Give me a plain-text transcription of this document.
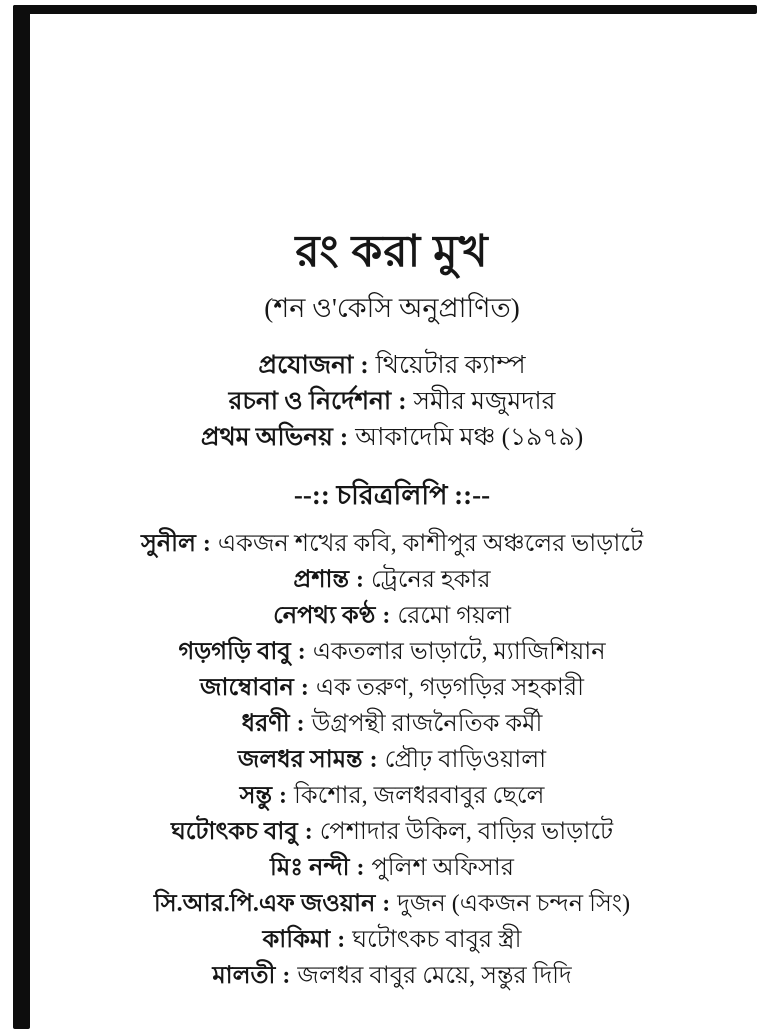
রং করা মুখ
(শন ও'কেসি অনুপ্রাণিত)
প্রযোজনা : থিয়েটার ক্যাম্প
রচনা ও নির্দেশনা : সমীর মজুমদার
প্রথম অভিনয় : আকাদেমি মঞ্চ (১৯৭৯)
--:: চরিত্রলিপি ::--
সুনীল : একজন শখের কবি, কাশীপুর অঞ্চলের ভাড়াটে
প্রশান্ত : ট্রেনের হকার
নেপথ্য কণ্ঠ : রেমো গয়লা
গড়গড়ি বাবু : একতলার ভাড়াটে, ম্যাজিশিয়ান
জাম্বোবান : এক তরুণ, গড়গড়ির সহকারী
ধরণী : উগ্রপন্থী রাজনৈতিক কর্মী
জলধর সামন্ত : প্রৌঢ় বাড়িওয়ালা
সন্তু : কিশোর, জলধরবাবুর ছেলে
ঘটোৎকচ বাবু : পেশাদার উকিল, বাড়ির ভাড়াটে
মিঃ নন্দী : পুলিশ অফিসার
সি.আর.পি.এফ জওয়ান : দুজন (একজন চন্দন সিং)
কাকিমা : ঘটোৎকচ বাবুর স্ত্রী
মালতী : জলধর বাবুর মেয়ে, সন্তুর দিদি
